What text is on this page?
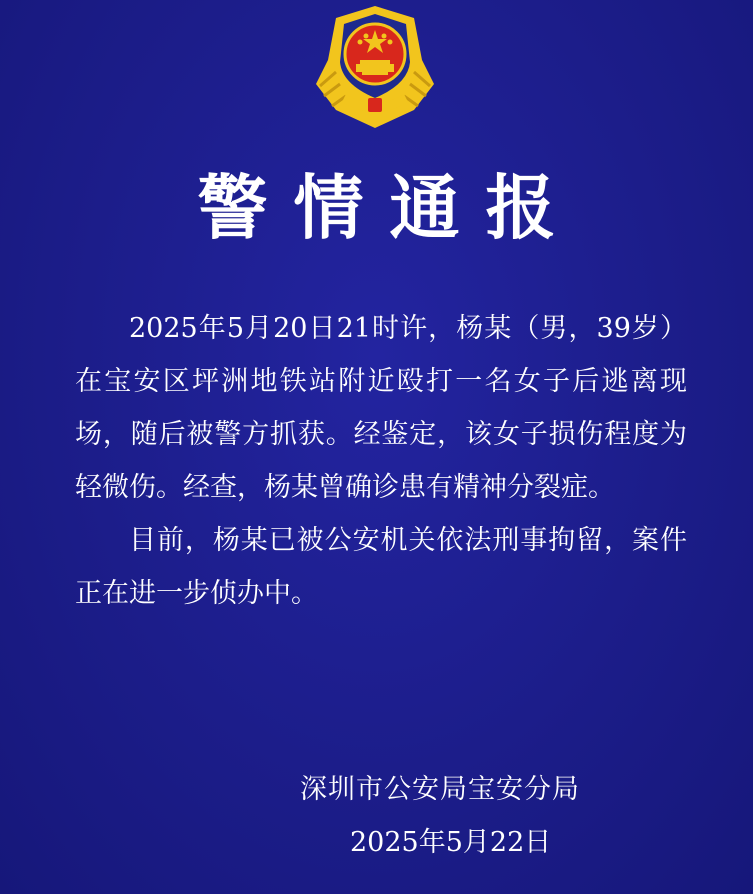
警情通报

2025年5月20日21时许，杨某（男，39岁）在宝安区坪洲地铁站附近殴打一名女子后逃离现场，随后被警方抓获。经鉴定，该女子损伤程度为轻微伤。经查，杨某曾确诊患有精神分裂症。

目前，杨某已被公安机关依法刑事拘留，案件正在进一步侦办中。

深圳市公安局宝安分局
2025年5月22日
